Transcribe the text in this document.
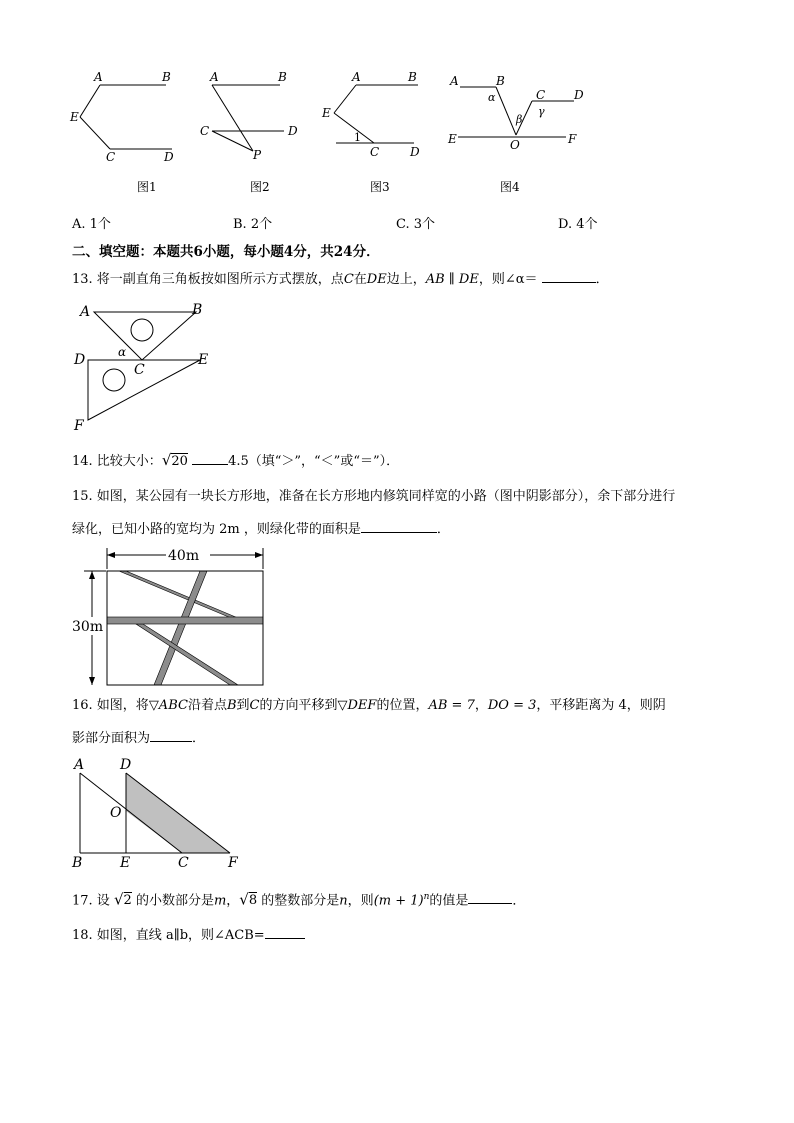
A	B
E
C	D
图1
A	B
C	D
P
图2
A	B
E
1
C	D
图3
A	B
α	C D
γ
β
E	O	F
图4
A. 1个	B. 2个	C. 3个	D. 4个
二、填空题：本题共6小题，每小题4分，共24分．
13. 将一副直角三角板按如图所示方式摆放，点C在DE边上，AB ∥ DE，则∠α＝	．
A	B
D	α
C
E
F
14. 比较大小：√20	4.5（填“＞”，“＜”或“＝”）．
15. 如图，某公园有一块长方形地，准备在长方形地内修筑同样宽的小路（图中阴影部分），余下部分进行
绿化，已知小路的宽均为 2m ，则绿化带的面积是	．
40m
30m
16. 如图，将▽ABC沿着点B到C的方向平移到▽DEF的位置，AB = 7，DO = 3，平移距离为 4，则阴
影部分面积为	．
A	D
O
B	E	C	F
17. 设 √2 的小数部分是m，√8 的整数部分是n，则$(m + 1)^n$的值是	．
18. 如图，直线 a∥b，则∠ACB=
